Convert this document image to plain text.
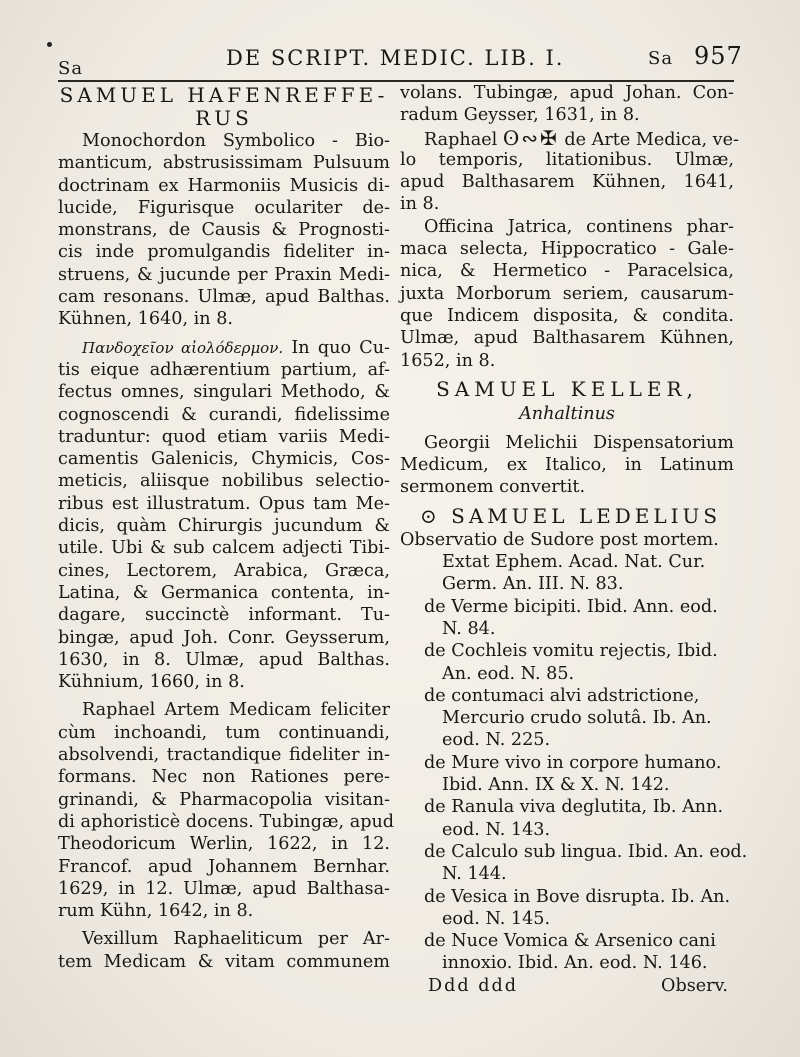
Sa	DE SCRIPT. MEDIC. LIB. I.	Sa 957
SAMUEL HAFENREFFE-
RUS
Monochordon Symbolico - Bio-
manticum, abstrusissimam Pulsuum
doctrinam ex Harmoniis Musicis di-
lucide, Figurisque oculariter de-
monstrans, de Causis & Prognosti-
cis inde promulgandis fideliter in-
struens, & jucunde per Praxin Medi-
cam resonans. Ulmæ, apud Balthas.
Kühnen, 1640, in 8.
Πανδοχεῖον αἰολόδερμον. In quo Cu-
tis eique adhærentium partium, af-
fectus omnes, singulari Methodo, &
cognoscendi & curandi, fidelissime
traduntur: quod etiam variis Medi-
camentis Galenicis, Chymicis, Cos-
meticis, aliisque nobilibus selectio-
ribus est illustratum. Opus tam Me-
dicis, quàm Chirurgis jucundum &
utile. Ubi & sub calcem adjecti Tibi-
cines, Lectorem, Arabica, Græca,
Latina, & Germanica contenta, in-
dagare, succinctè informant. Tu-
bingæ, apud Joh. Conr. Geysserum,
1630, in 8. Ulmæ, apud Balthas.
Kühnium, 1660, in 8.
Raphael Artem Medicam feliciter
cùm inchoandi, tum continuandi,
absolvendi, tractandique fideliter in-
formans. Nec non Rationes pere-
grinandi, & Pharmacopolia visitan-
di aphoristicè docens. Tubingæ, apud
Theodoricum Werlin, 1622, in 12.
Francof. apud Johannem Bernhar.
1629, in 12. Ulmæ, apud Balthasa-
rum Kühn, 1642, in 8.
Vexillum Raphaeliticum per Ar-
tem Medicam & vitam communem
volans. Tubingæ, apud Johan. Con-
radum Geysser, 1631, in 8.
Raphael ʘ∾✠ de Arte Medica, ve-
lo temporis, litationibus. Ulmæ,
apud Balthasarem Kühnen, 1641,
in 8.
Officina Jatrica, continens phar-
maca selecta, Hippocratico - Gale-
nica, & Hermetico - Paracelsica,
juxta Morborum seriem, causarum-
que Indicem disposita, & condita.
Ulmæ, apud Balthasarem Kühnen,
1652, in 8.
SAMUEL KELLER,
Anhaltinus
Georgii Melichii Dispensatorium
Medicum, ex Italico, in Latinum
sermonem convertit.
⊙ SAMUEL LEDELIUS
Observatio de Sudore post mortem.
Extat Ephem. Acad. Nat. Cur.
Germ. An. III. N. 83.
de Verme bicipiti. Ibid. Ann. eod.
N. 84.
de Cochleis vomitu rejectis, Ibid.
An. eod. N. 85.
de contumaci alvi adstrictione,
Mercurio crudo solutâ. Ib. An.
eod. N. 225.
de Mure vivo in corpore humano.
Ibid. Ann. IX & X. N. 142.
de Ranula viva deglutita, Ib. Ann.
eod. N. 143.
de Calculo sub lingua. Ibid. An. eod.
N. 144.
de Vesica in Bove disrupta. Ib. An.
eod. N. 145.
de Nuce Vomica & Arsenico cani
innoxio. Ibid. An. eod. N. 146.
Ddd ddd	Observ.
